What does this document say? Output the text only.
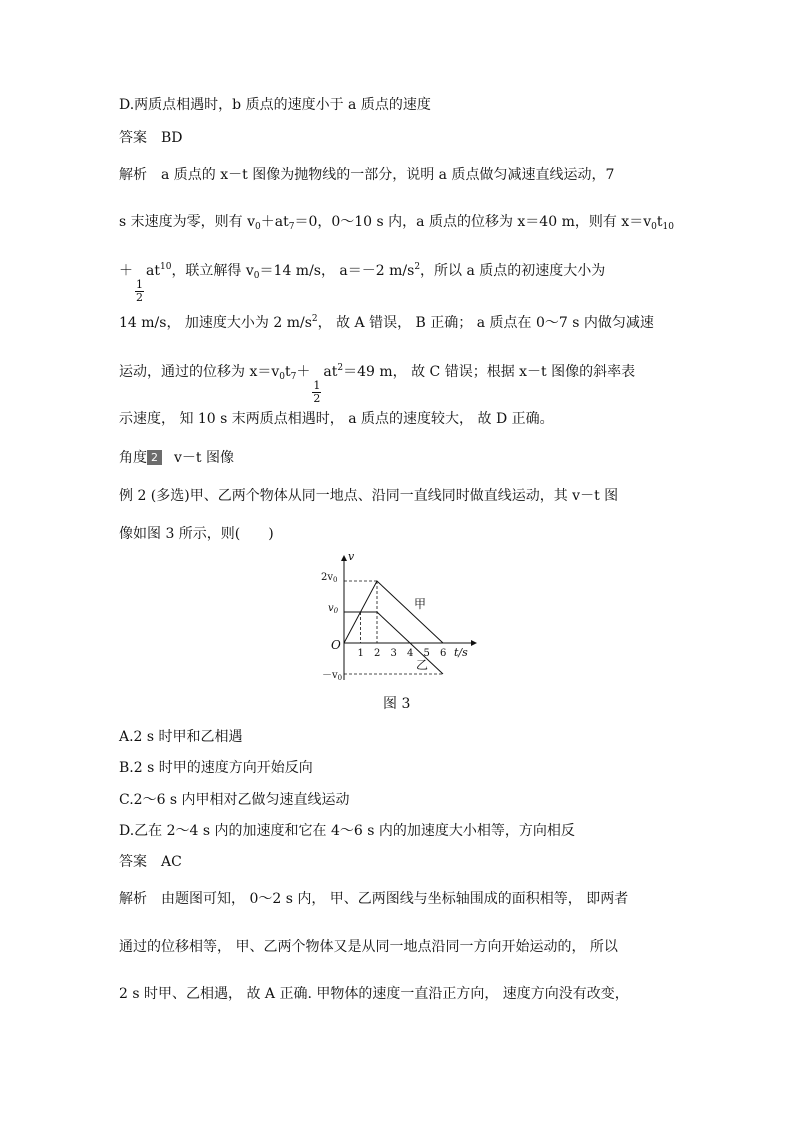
D.两质点相遇时，b 质点的速度小于 a 质点的速度
答案 BD
解析 a 质点的 x－t 图像为抛物线的一部分，说明 a 质点做匀减速直线运动，7
s 末速度为零，则有 $v_0+at_7=0$，0～10 s 内，a 质点的位移为 x＝40 m，则有 $x=v_0t_{10}$
＋
$\frac{1}{2}$
$at^{10}$，联立解得 $v_0=14$ m/s， a＝－2 $m/s^2$，所以 a 质点的初速度大小为
14 m/s， 加速度大小为 2 $m/s^2$， 故 A 错误， B 正确； a 质点在 0～7 s 内做匀减速
运动，通过的位移为 $x=v_0t_7+$
$\frac{1}{2}$
$at^2=49$ m， 故 C 错误；根据 x－t 图像的斜率表
示速度， 知 10 s 末两质点相遇时， a 质点的速度较大， 故 D 正确。
角度 2 v－t 图像
例 2 (多选)甲、乙两个物体从同一地点、沿同一直线同时做直线运动，其 v－t 图
像如图 3 所示，则(　　)
1 2 3 4 5 6
v
t/s
O
$2v_0$
$v_0$
$-v_0$
甲
乙
图 3
A.2 s 时甲和乙相遇
B.2 s 时甲的速度方向开始反向
C.2～6 s 内甲相对乙做匀速直线运动
D.乙在 2～4 s 内的加速度和它在 4～6 s 内的加速度大小相等，方向相反
答案 AC
解析 由题图可知， 0～2 s 内， 甲、乙两图线与坐标轴围成的面积相等， 即两者
通过的位移相等， 甲、乙两个物体又是从同一地点沿同一方向开始运动的， 所以
2 s 时甲、乙相遇， 故 A 正确. 甲物体的速度一直沿正方向， 速度方向没有改变，
